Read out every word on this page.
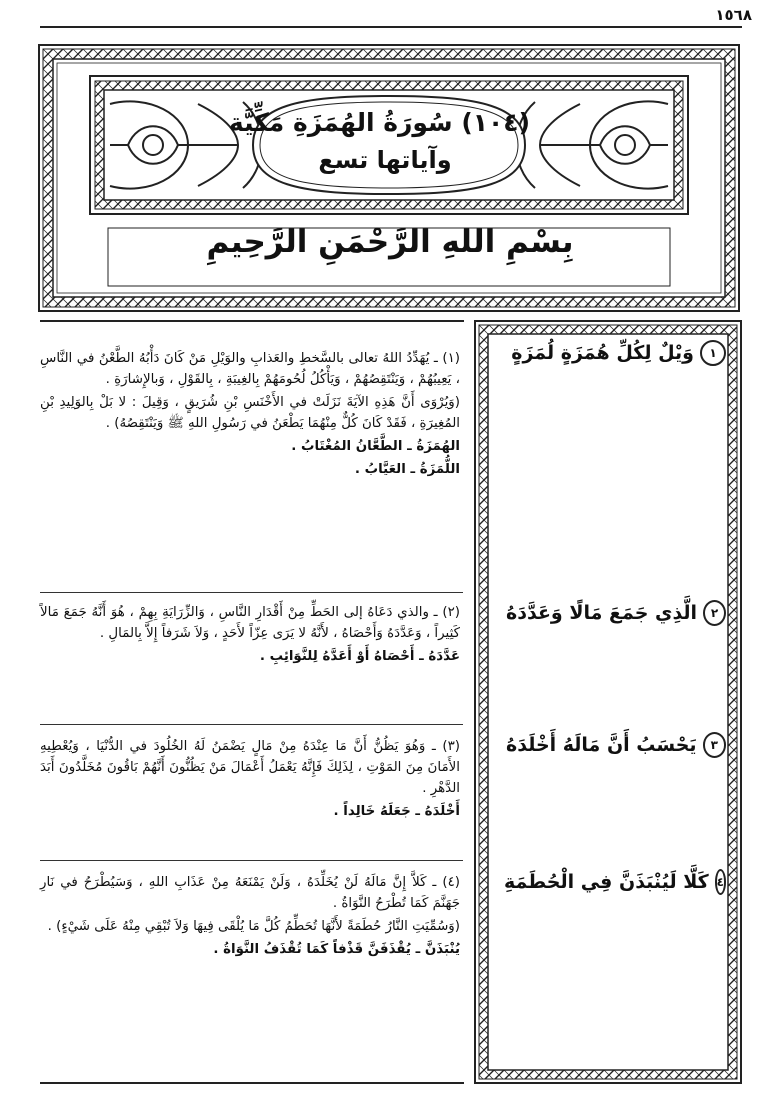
١٥٦٨
(١٠٤) سُورَةُ الهُمَزَةِ مَكِّيَّة
وآياتها تسع
بِسْمِ اللهِ الرَّحْمَنِ الرَّحِيمِ
١
وَيْلٌ لِكُلِّ هُمَزَةٍ لُمَزَةٍ
٢
الَّذِي جَمَعَ مَالًا وَعَدَّدَهُ
٣
يَحْسَبُ أَنَّ مَالَهُ أَخْلَدَهُ
٤
كَلَّا لَيُنْبَذَنَّ فِي الْحُطَمَةِ

(١) ـ يُهَدِّدُ اللهُ تعالى بالسَّخطِ والعَذابِ والوَيْلِ مَنْ كَانَ دَأْبُهُ الطَّعْنُ في النَّاسِ ، يَعِيبُهُمْ ، وَيَنْتَقِصُهُمْ ، وَيَأْكُلُ لُحُومَهُمْ بِالغِيبَةِ ، بِالقَوْلِ ، وَبالإِشارَةِ .

(وَيُرْوَى أَنَّ هَذِهِ الآيَةَ نَزَلَتْ في الأَخْنَسِ بْنِ شُرَيقٍ ، وَقِيلَ : لا بَلْ بِالوَلِيدِ بْنِ المُغِيرَةِ ، فَقَدْ كَانَ كُلٌّ مِنْهُمَا يَطْعَنُ في رَسُولِ اللهِ ﷺ وَيَنْتَقِصُهُ) .

الهُمَزَةُ ـ الطَّعَّانُ المُغْتَابُ .

اللُّمَزَةُ ـ العَيَّابُ .

(٢) ـ والذي دَعَاهُ إلى الحَطِّ مِنْ أَقْدَارِ النَّاسِ ، وَالزِّرَايَةِ بِهِمْ ، هُوَ أَنَّهُ جَمَعَ مَالاً كَثِيراً ، وَعَدَّدَهُ وَأَحْصَاهُ ، لأَنَّهُ لا يَرَى عِزّاً لأَحَدٍ ، وَلاَ شَرَفاً إِلاَّ بِالمَالِ .

عَدَّدَهُ ـ أَحْصَاهُ أَوْ أَعَدَّهُ لِلنَّوَائِبِ .

(٣) ـ وَهُوَ يَظُنُّ أَنَّ مَا عِنْدَهُ مِنْ مَالٍ يَضْمَنُ لَهُ الخُلُودَ في الدُّنْيَا ، وَيُعْطِيهِ الأَمَانَ مِنَ المَوْتِ ، لِذَلِكَ فَإِنَّهُ يَعْمَلُ أَعْمَالَ مَنْ يَظُنُّونَ أَنَّهُمْ بَاقُونَ مُخَلَّدُونَ أَبَدَ الدَّهْرِ .

أَخْلَدَهُ ـ جَعَلَهُ خَالِداً .

(٤) ـ كَلاَّ إِنَّ مَالَهُ لَنْ يُخَلِّدَهُ ، وَلَنْ يَمْنَعَهُ مِنْ عَذَابِ اللهِ ، وَسَيُطْرَحُ في نَارِ جَهَنَّمَ كَمَا تُطْرَحُ النَّوَاةُ .

(وَسُمِّيَتِ النَّارُ حُطَمَةً لأَنَّهَا تُحَطِّمُ كُلَّ مَا يُلْقَى فِيهَا وَلاَ تُبْقِي مِنْهُ عَلَى شَيْءٍ) .

يُنْبَذَنَّ ـ يُقْذَفَنَّ قَذْفاً كَمَا تُقْذَفُ النَّوَاةُ .
